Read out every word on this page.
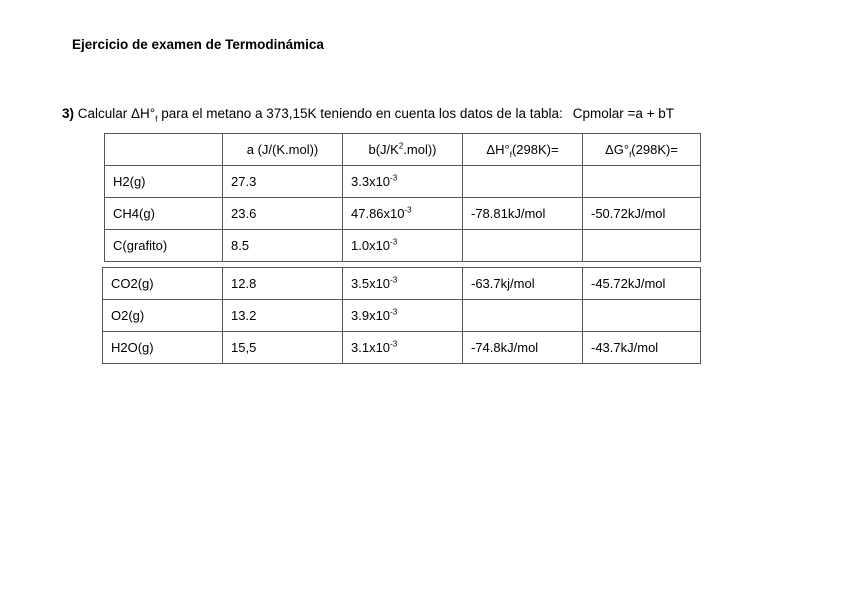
Ejercicio de examen de Termodinámica
3) Calcular $\Delta H^\circ_f$ para el metano a 373,15K teniendo en cuenta los datos de la tabla: Cpmolar =a + bT
	a (J/(K.mol))	$b(J/K^2.mol)$)	$\Delta H^\circ_f(298K)=$	$\Delta G^\circ_f(298K)=$
H2(g)	27.3	$3.3x10^{-3}$		
CH4(g)	23.6	$47.86x10^{-3}$	-78.81kJ/mol	-50.72kJ/mol
C(grafito)	8.5	$1.0x10^{-3}$		
CO2(g)	12.8	$3.5x10^{-3}$	-63.7kj/mol	-45.72kJ/mol
O2(g)	13.2	$3.9x10^{-3}$		
H2O(g)	15,5	$3.1x10^{-3}$	-74.8kJ/mol	-43.7kJ/mol
